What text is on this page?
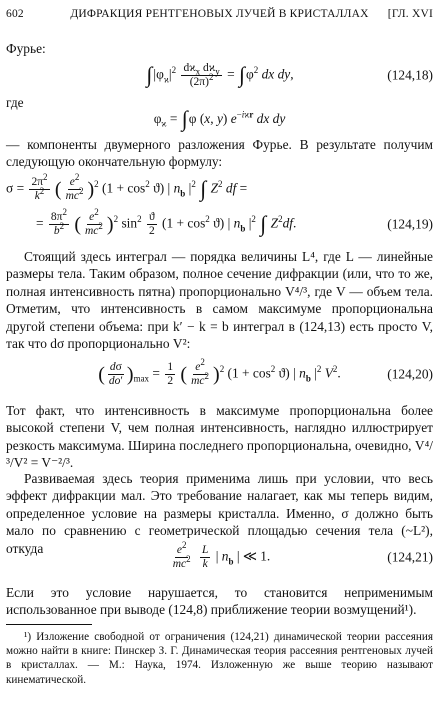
602	ДИФРАКЦИЯ РЕНТГЕНОВЫХ ЛУЧЕЙ В КРИСТАЛЛАХ	[ГЛ. XVI

Фурье:

$\int|\varphi_ϰ|^2 \frac{dϰ_x dϰ_y}{(2\pi)^2} = \int\varphi^2$ dx dy,	(124,18)

где

$\varphi_ϰ = \int\varphi$ (x, y) $e^{-iϰr}$ dx dy

— компоненты двумерного разложения Фурье. В результате получим следующую окончательную формулу:

$\sigma = \frac{2\pi^2}{k^2}$ ( $\frac{e^2}{mc^2} )^2$ $(1 + \cos^2 ϑ)$ | $n_b$ $|^2$ ∫ $Z^2$ df =
= $\frac{8\pi^2}{b^2}$ ( $\frac{e^2}{mc^2} )^2$ $\sin^2 \frac{ϑ}{2} (1 + \cos^2 ϑ)$ | $n_b$ $|^2$ ∫ $Z^2df$.	(124,19)

Стоящий здесь интеграл — порядка величины L⁴, где L — линейные размеры тела. Таким образом, полное сечение дифракции (или, что то же, полная интенсивность пятна) пропорционально V⁴/³, где V — объем тела. Отметим, что интенсивность в самом максимуме пропорциональна другой степени объема: при k′ − k = b интеграл в (124,13) есть просто V, так что dσ пропорционально V²:

( $\frac{d\sigma}{do'} )_{max} = \frac{1}{2}$ ( $\frac{e^2}{mc^2} )^2$ $(1 + \cos^2 ϑ)$ | $n_b$ $|^2$ $V^2$.	(124,20)

Тот факт, что интенсивность в максимуме пропорциональна более высокой степени V, чем полная интенсивность, наглядно иллюстрирует резкость максимума. Ширина последнего пропорциональна, очевидно, V⁴/³/V² = V⁻²/³.

Развиваемая здесь теория применима лишь при условии, что весь эффект дифракции мал. Это требование налагает, как мы теперь видим, определенное условие на размеры кристалла. Именно, σ должно быть мало по сравнению с геометрической площадью сечения тела (~L²), откуда	$\frac{e^2}{mc^2}$
$\frac{L}{k}$ | $n_b$ | ≪ 1.	(124,21)

Если это условие нарушается, то становится неприменимым использованное при выводе (124,8) приближение теории возмущений¹).

¹) Изложение свободной от ограничения (124,21) динамической теории рассеяния можно найти в книге: Пинскер З. Г. Динамическая теория рассеяния рентгеновых лучей в кристаллах. — М.: Наука, 1974. Изложенную же выше теорию называют кинематической.
